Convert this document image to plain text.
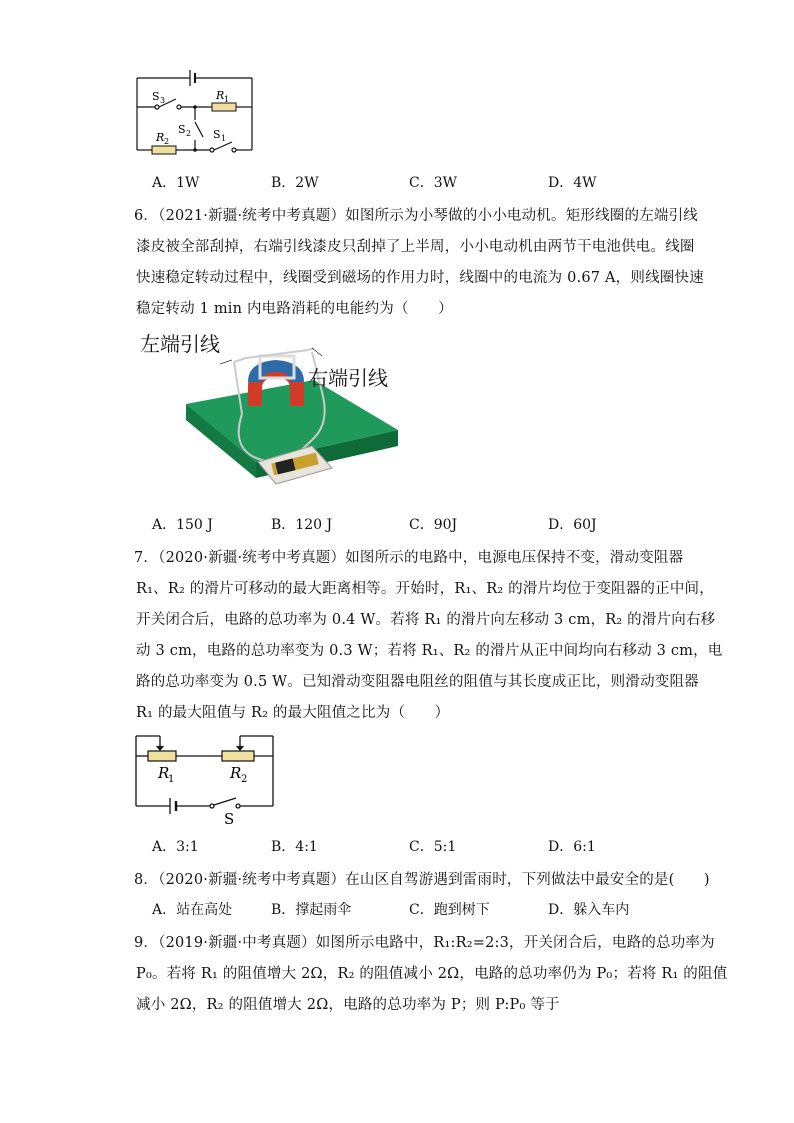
S 3	R 1
R 2
S 2 S 1
A．1W	B．2W	C．3W	D．4W
6．（2021·新疆·统考中考真题）如图所示为小琴做的小小电动机。矩形线圈的左端引线
漆皮被全部刮掉，右端引线漆皮只刮掉了上半周，小小电动机由两节干电池供电。线圈
快速稳定转动过程中，线圈受到磁场的作用力时，线圈中的电流为 0.67 A，则线圈快速
稳定转动 1 min 内电路消耗的电能约为（　　）
左端引线
右端引线
A．150 J	B．120 J	C．90J	D．60J
7．（2020·新疆·统考中考真题）如图所示的电路中，电源电压保持不变，滑动变阻器
R₁、R₂ 的滑片可移动的最大距离相等。开始时，R₁、R₂ 的滑片均位于变阻器的正中间，
开关闭合后，电路的总功率为 0.4 W。若将 R₁ 的滑片向左移动 3 cm，R₂ 的滑片向右移
动 3 cm，电路的总功率变为 0.3 W；若将 R₁、R₂ 的滑片从正中间均向右移动 3 cm，电
路的总功率变为 0.5 W。已知滑动变阻器电阻丝的阻值与其长度成正比，则滑动变阻器
R₁ 的最大阻值与 R₂ 的最大阻值之比为（　　）
R
1	R 2
S
A．3:1	B．4:1	C．5:1	D．6:1
8．（2020·新疆·统考中考真题）在山区自驾游遇到雷雨时，下列做法中最安全的是(　　)
A．站在高处	B．撑起雨伞	C．跑到树下	D．躲入车内
9．（2019·新疆·中考真题）如图所示电路中，R₁:R₂=2:3，开关闭合后，电路的总功率为
P₀。若将 R₁ 的阻值增大 2Ω，R₂ 的阻值减小 2Ω，电路的总功率仍为 P₀；若将 R₁ 的阻值
减小 2Ω，R₂ 的阻值增大 2Ω，电路的总功率为 P；则 P:P₀ 等于
